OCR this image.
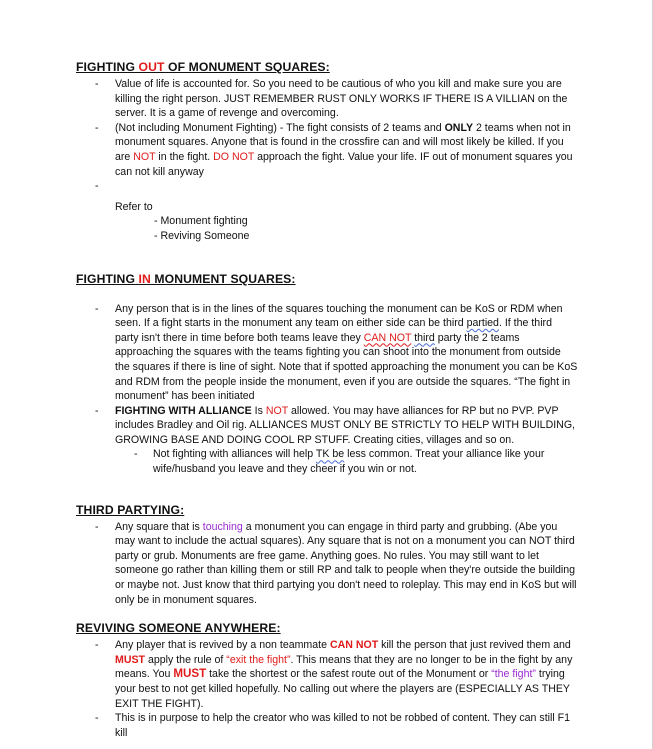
FIGHTING OUT OF MONUMENT SQUARES:
- Value of life is accounted for. So you need to be cautious of who you kill and make sure you are killing the right person. JUST REMEMBER RUST ONLY WORKS IF THERE IS A VILLIAN on the server. It is a game of revenge and overcoming.
- (Not including Monument Fighting) - The fight consists of 2 teams and ONLY 2 teams when not in monument squares. Anyone that is found in the crossfire can and will most likely be killed. If you are NOT in the fight. DO NOT approach the fight. Value your life. IF out of monument squares you can not kill anyway
-
Refer to
- Monument fighting
- Reviving Someone
FIGHTING IN MONUMENT SQUARES:
- Any person that is in the lines of the squares touching the monument can be KoS or RDM when seen. If a fight starts in the monument any team on either side can be third partied. If the third party isn't there in time before both teams leave they CAN NOT third party the 2 teams approaching the squares with the teams fighting you can shoot into the monument from outside the squares if there is line of sight. Note that if spotted approaching the monument you can be KoS and RDM from the people inside the monument, even if you are outside the squares. “The fight in monument” has been initiated
- FIGHTING WITH ALLIANCE Is NOT allowed. You may have alliances for RP but no PVP. PVP includes Bradley and Oil rig. ALLIANCES MUST ONLY BE STRICTLY TO HELP WITH BUILDING, GROWING BASE AND DOING COOL RP STUFF. Creating cities, villages and so on.
- Not fighting with alliances will help TK be less common. Treat your alliance like your wife/husband you leave and they cheer if you win or not.
THIRD PARTYING:
- Any square that is touching a monument you can engage in third party and grubbing. (Abe you may want to include the actual squares). Any square that is not on a monument you can NOT third party or grub. Monuments are free game. Anything goes. No rules. You may still want to let someone go rather than killing them or still RP and talk to people when they're outside the building or maybe not. Just know that third partying you don't need to roleplay. This may end in KoS but will only be in monument squares.
REVIVING SOMEONE ANYWHERE:
- Any player that is revived by a non teammate CAN NOT kill the person that just revived them and MUST apply the rule of “exit the fight”. This means that they are no longer to be in the fight by any means. You MUST take the shortest or the safest route out of the Monument or “the fight” trying your best to not get killed hopefully. No calling out where the players are (ESPECIALLY AS THEY EXIT THE FIGHT).
- This is in purpose to help the creator who was killed to not be robbed of content. They can still F1 kill
